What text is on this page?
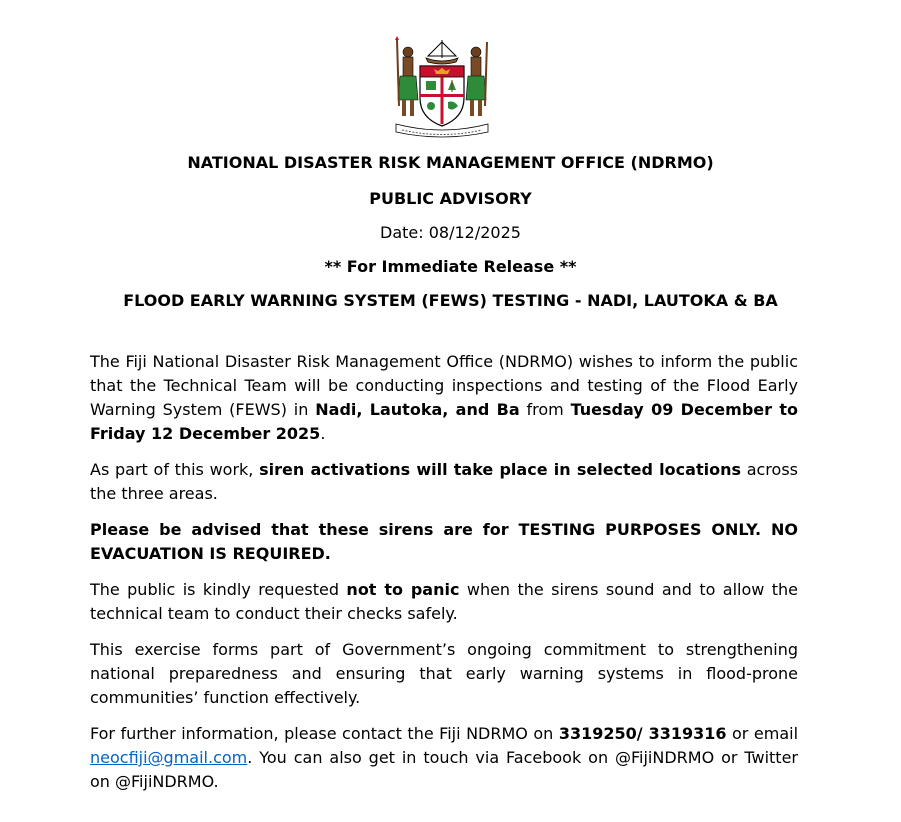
NATIONAL DISASTER RISK MANAGEMENT OFFICE (NDRMO)
PUBLIC ADVISORY
Date: 08/12/2025
** For Immediate Release **
FLOOD EARLY WARNING SYSTEM (FEWS) TESTING - NADI, LAUTOKA & BA

The Fiji National Disaster Risk Management Office (NDRMO) wishes to inform the public that the Technical Team will be conducting inspections and testing of the Flood Early Warning System (FEWS) in Nadi, Lautoka, and Ba from Tuesday 09 December to Friday 12 December 2025.

As part of this work, siren activations will take place in selected locations across the three areas.

Please be advised that these sirens are for TESTING PURPOSES ONLY. NO EVACUATION IS REQUIRED.

The public is kindly requested not to panic when the sirens sound and to allow the technical team to conduct their checks safely.

This exercise forms part of Government’s ongoing commitment to strengthening national preparedness and ensuring that early warning systems in flood-prone communities’ function effectively.

For further information, please contact the Fiji NDRMO on 3319250/ 3319316 or email neocfiji@gmail.com. You can also get in touch via Facebook on @FijiNDRMO or Twitter on @FijiNDRMO.
